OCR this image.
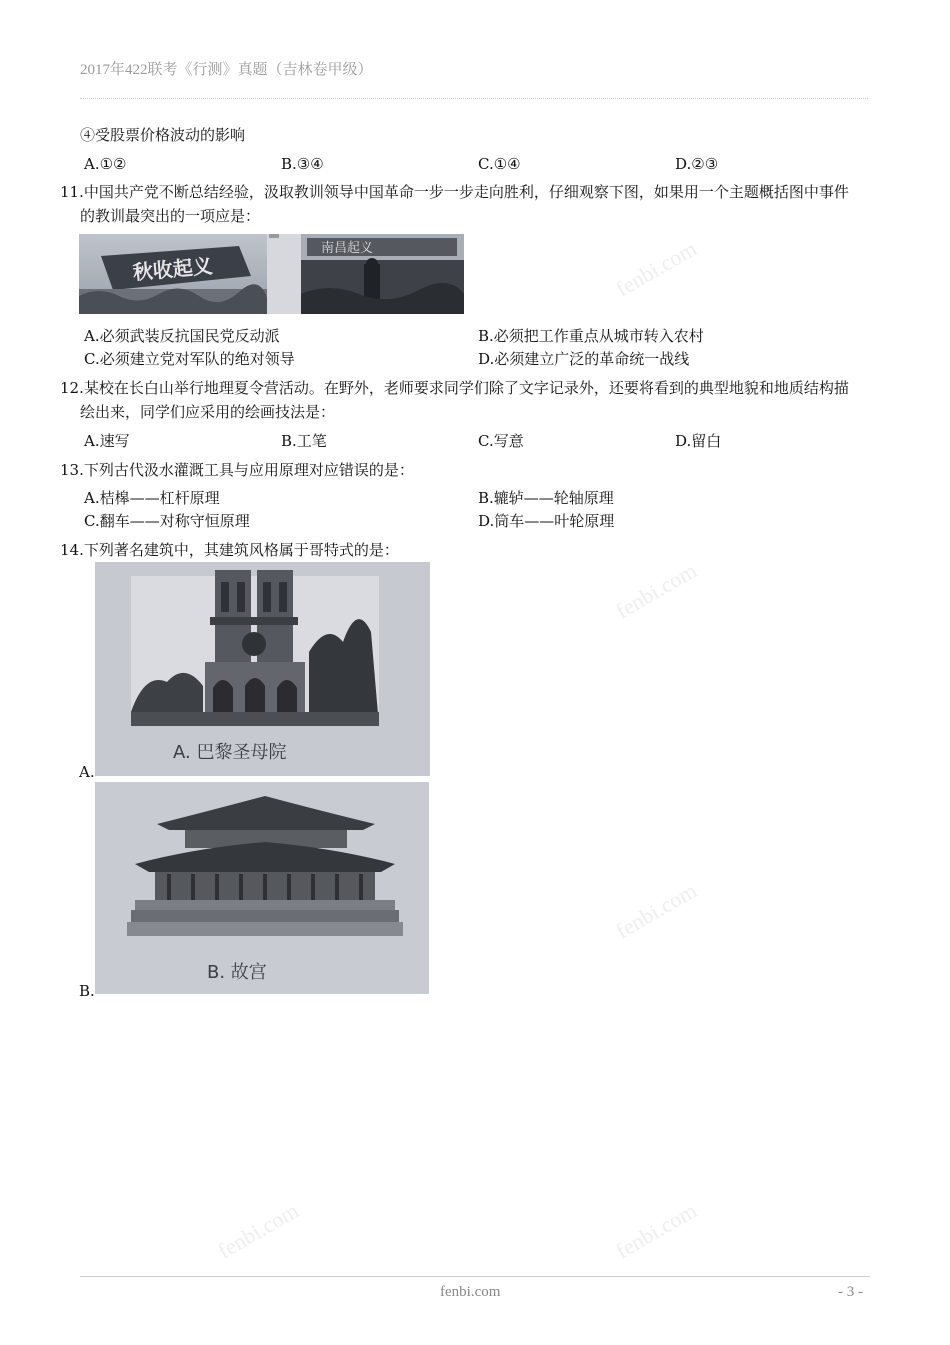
2017年422联考《行测》真题（吉林卷甲级）
④受股票价格波动的影响
A.①②	B.③④	C.①④	D.②③
11.中国共产党不断总结经验，汲取教训领导中国革命一步一步走向胜利，仔细观察下图，如果用一个主题概括图中事件的教训最突出的一项应是：
秋收起义
南昌起义
A.必须武装反抗国民党反动派	B.必须把工作重点从城市转入农村
C.必须建立党对军队的绝对领导	D.必须建立广泛的革命统一战线
12.某校在长白山举行地理夏令营活动。在野外，老师要求同学们除了文字记录外，还要将看到的典型地貌和地质结构描绘出来，同学们应采用的绘画技法是：
A.速写	B.工笔	C.写意	D.留白
13.下列古代汲水灌溉工具与应用原理对应错误的是：
A.桔槔——杠杆原理	B.辘轳——轮轴原理
C.翻车——对称守恒原理	D.筒车——叶轮原理
14.下列著名建筑中，其建筑风格属于哥特式的是：
A. 巴黎圣母院
A.
B. 故宫
B.
fenbi.com
fenbi.com
fenbi.com
fenbi.com	fenbi.com
fenbi.com	- 3 -
